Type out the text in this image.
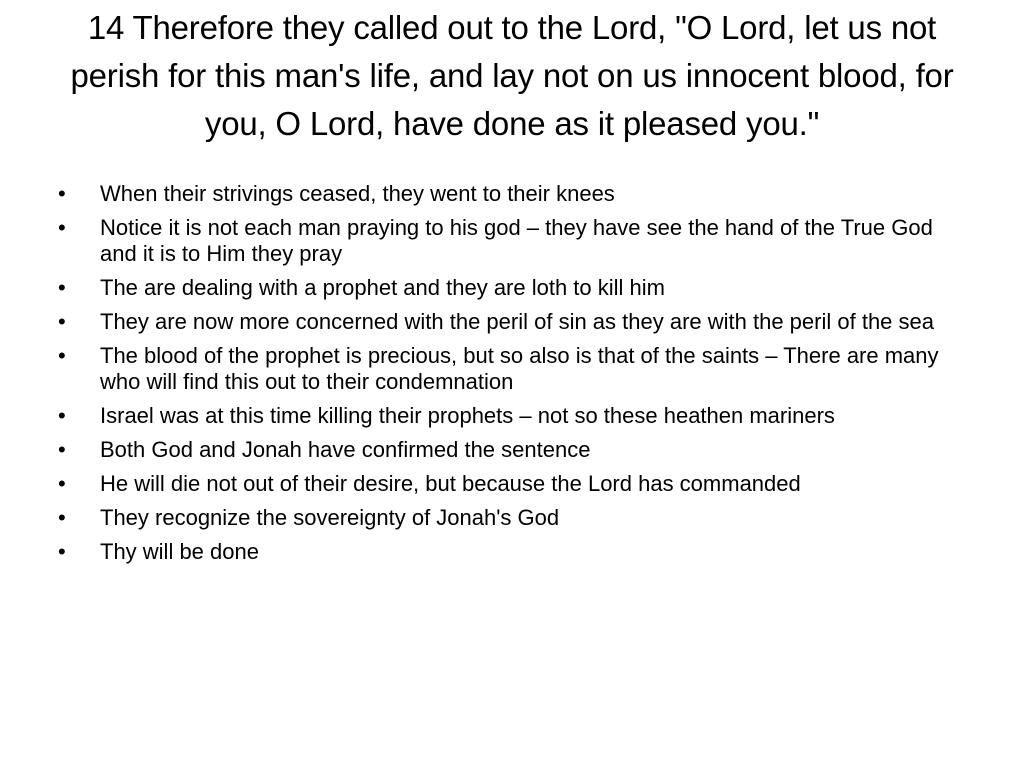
14 Therefore they called out to the Lord, "O Lord, let us not perish for this man's life, and lay not on us innocent blood, for you, O Lord, have done as it pleased you."
•	When their strivings ceased, they went to their knees
•	Notice it is not each man praying to his god – they have see the hand of the True God and it is to Him they pray
•	The are dealing with a prophet and they are loth to kill him
•	They are now more concerned with the peril of sin as they are with the peril of the sea
•	The blood of the prophet is precious, but so also is that of the saints – There are many who will find this out to their condemnation
•	Israel was at this time killing their prophets – not so these heathen mariners
•	Both God and Jonah have confirmed the sentence
•	He will die not out of their desire, but because the Lord has commanded
•	They recognize the sovereignty of Jonah's God
•	Thy will be done
